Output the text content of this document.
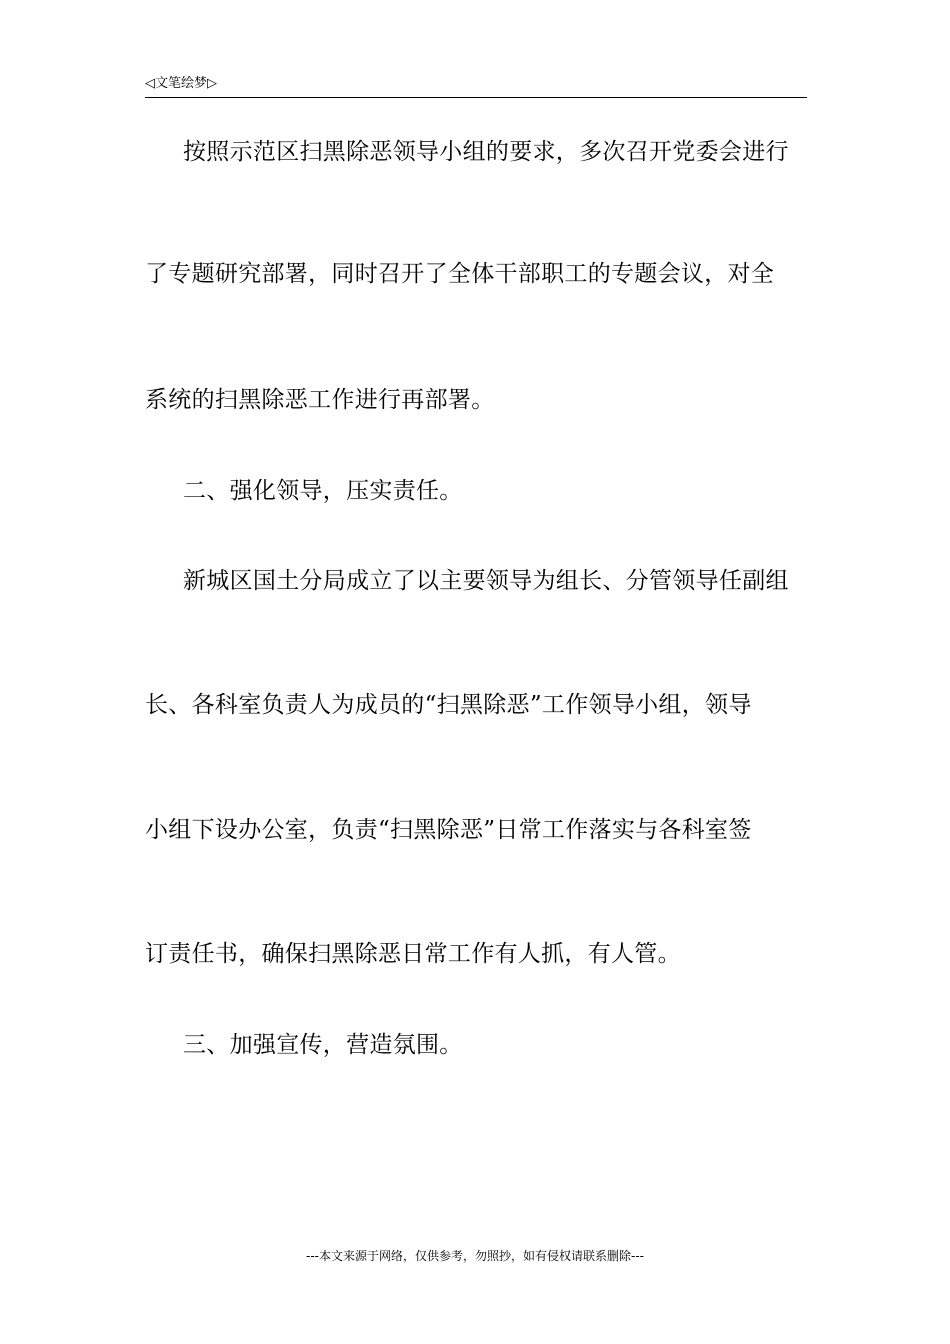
◁文笔绘梦▷
按照示范区扫黑除恶领导小组的要求，多次召开党委会进行
了专题研究部署，同时召开了全体干部职工的专题会议，对全
系统的扫黑除恶工作进行再部署。
二、强化领导，压实责任。
新城区国土分局成立了以主要领导为组长、分管领导任副组
长、各科室负责人为成员的“扫黑除恶”工作领导小组，领导
小组下设办公室，负责“扫黑除恶”日常工作落实与各科室签
订责任书，确保扫黑除恶日常工作有人抓，有人管。
三、加强宣传，营造氛围。
---本文来源于网络，仅供参考，勿照抄，如有侵权请联系删除---
